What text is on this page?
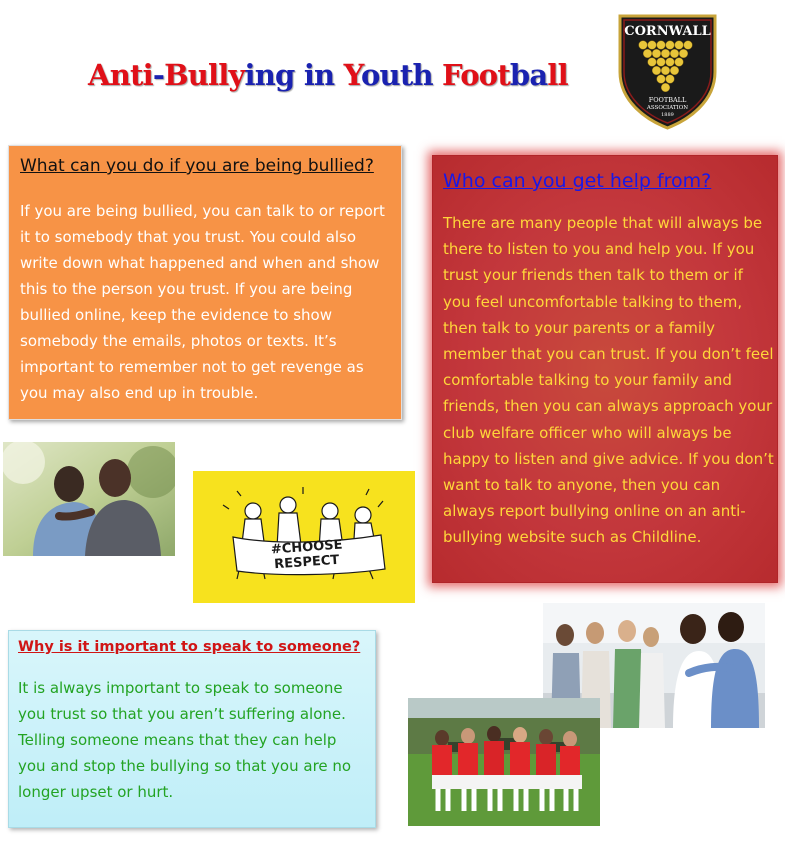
Anti-Bullying in Youth Football
CORNWALL
FOOTBALL
ASSOCIATION
1889
What can you do if you are being bullied?

If you are being bullied, you can talk to or report it to somebody that you trust. You could also write down what happened and when and show this to the person you trust. If you are being bullied online, keep the evidence to show somebody the emails, photos or texts. It’s important to remember not to get revenge as you may also end up in trouble.

Who can you get help from?

There are many people that will always be there to listen to you and help you. If you trust your friends then talk to them or if you feel uncomfortable talking to them, then talk to your parents or a family member that you can trust. If you don’t feel comfortable talking to your family and friends, then you can always approach your club welfare officer who will always be happy to listen and give advice. If you don’t want to talk to anyone, then you can always report bullying online on an anti-bullying website such as Childline.

#CHOOSE
RESPECT
Why is it important to speak to someone?

It is always important to speak to someone you trust so that you aren’t suffering alone. Telling someone means that they can help you and stop the bullying so that you are no longer upset or hurt.
